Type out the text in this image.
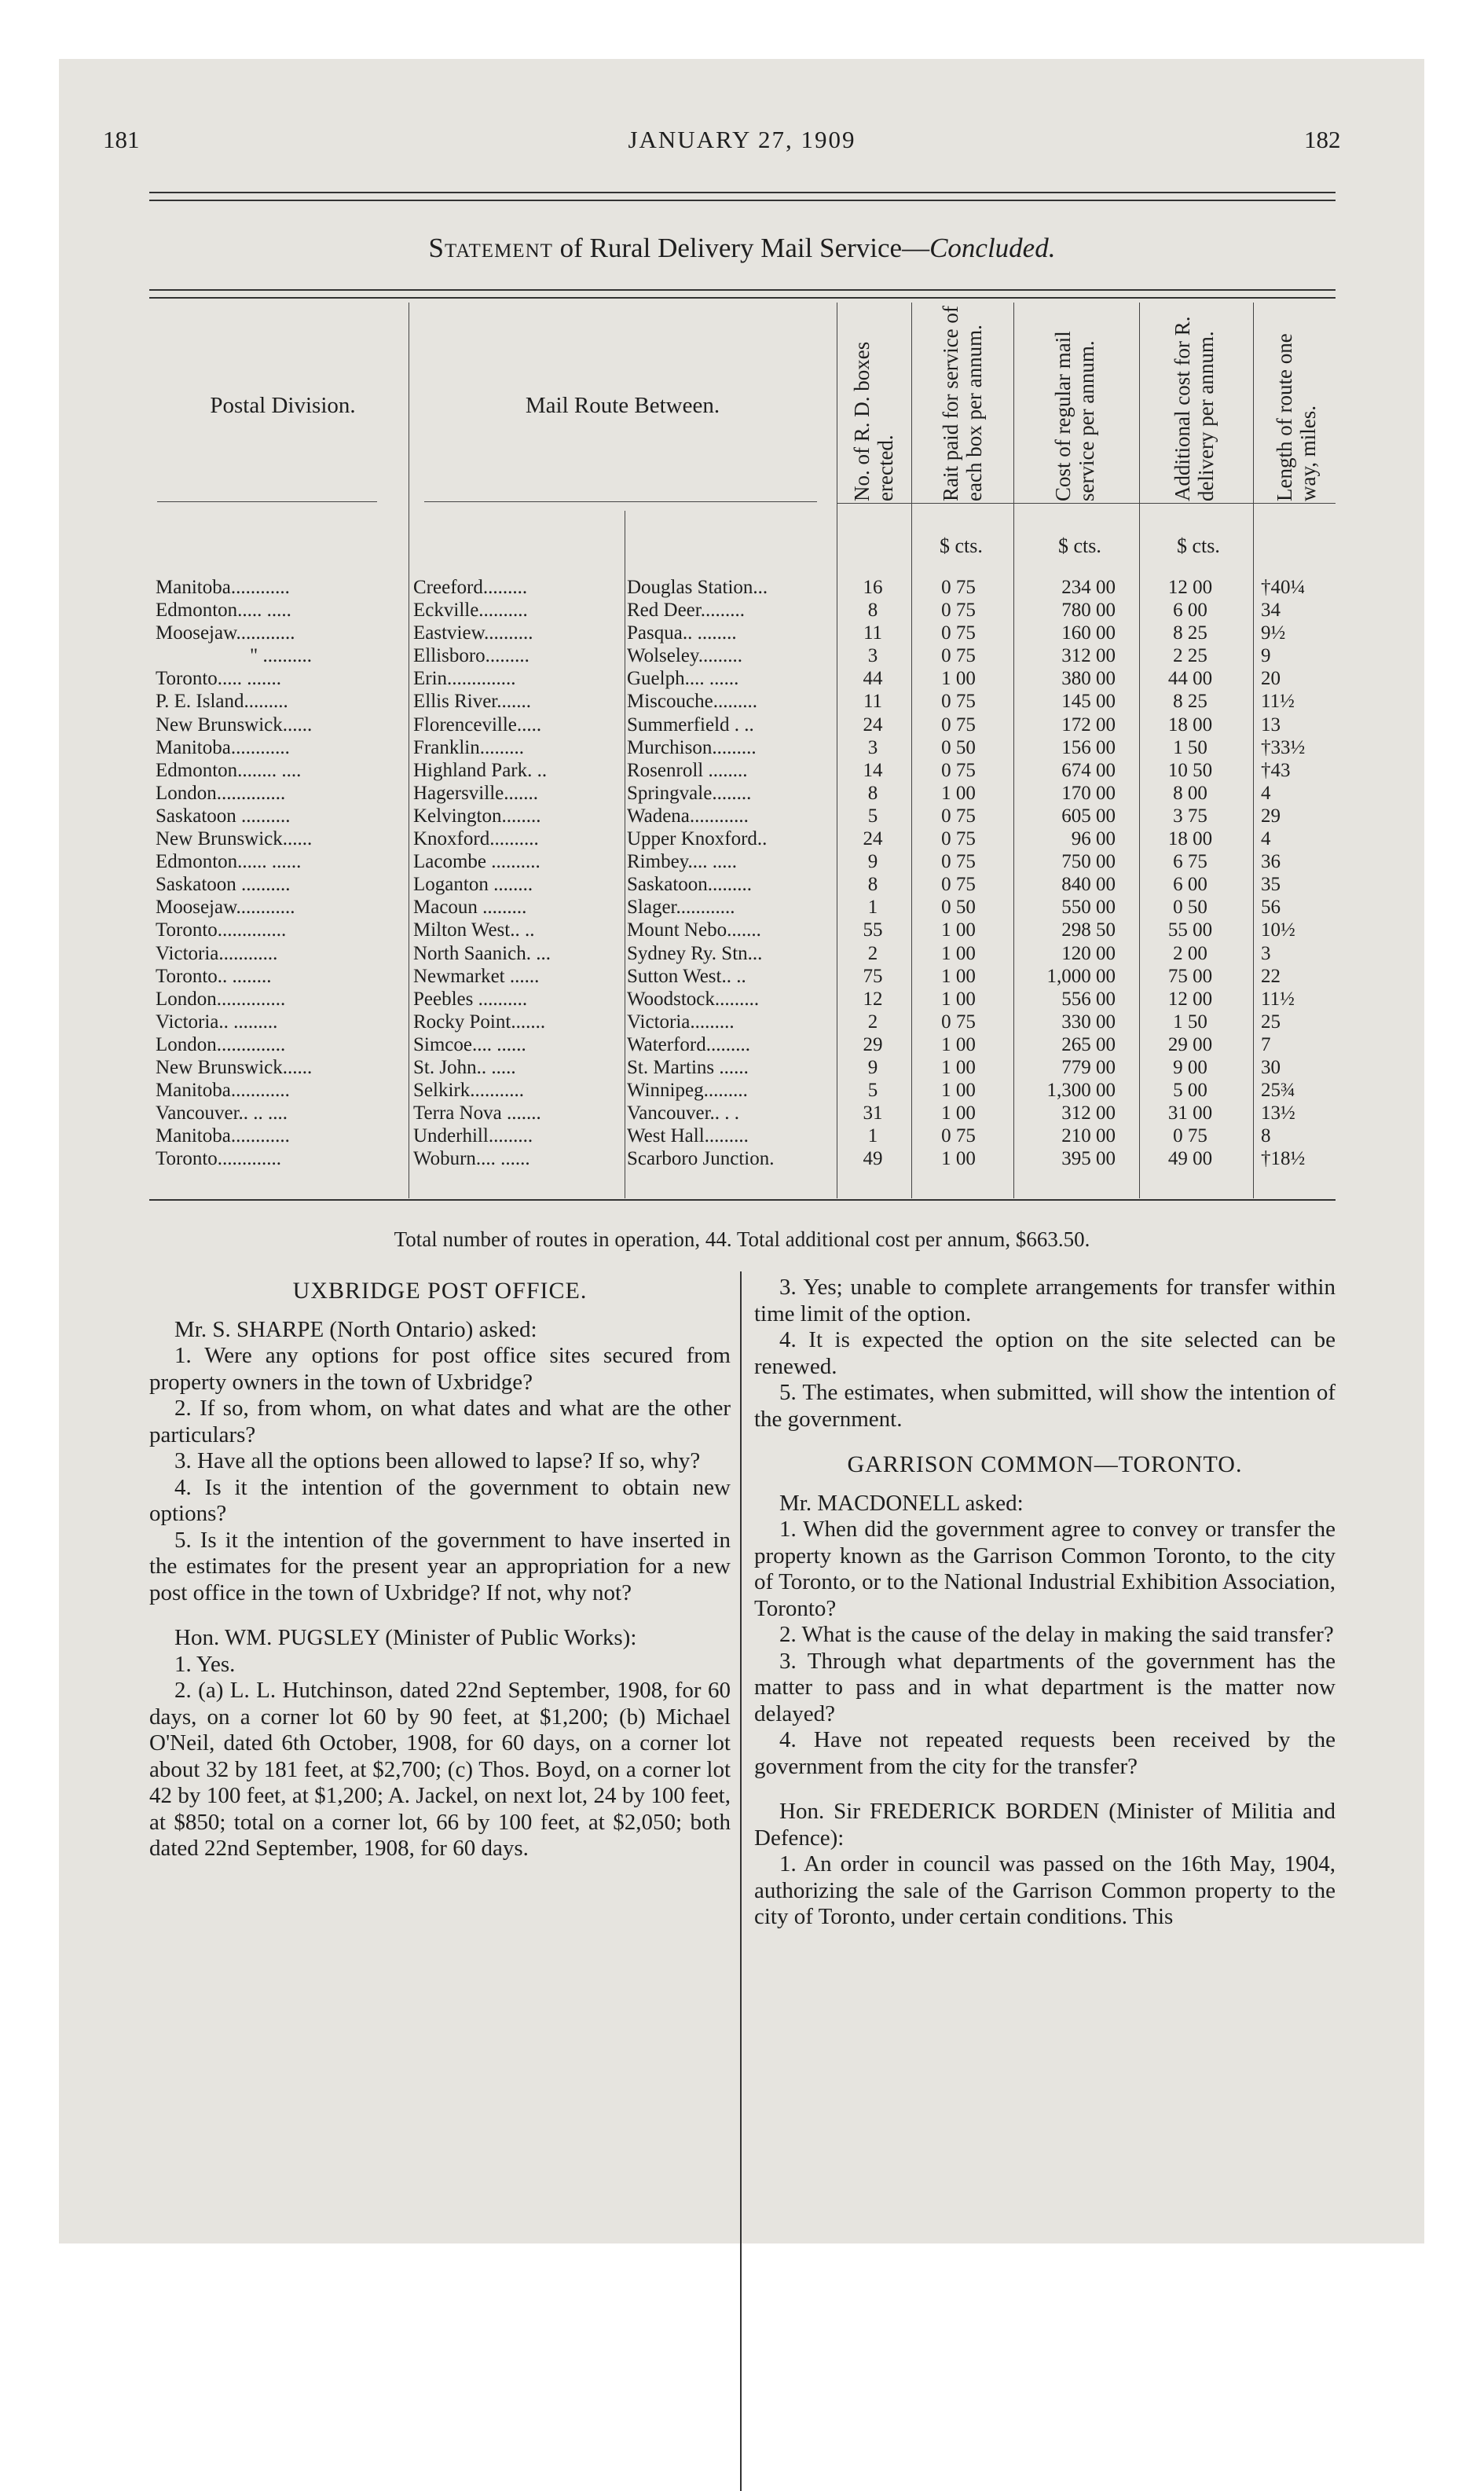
181	JANUARY 27, 1909	182
Statement of Rural Delivery Mail Service—Concluded.
Postal Division.	Mail Route Between.	No. of R. D. boxes erected. Rait paid for service of each box per annum.	Cost of regular mail service per annum.	Additional cost for R. delivery per annum.	Length of route one way, miles.
$ cts.	$ cts.	$ cts.
Manitoba............	Creeford.........	Douglas Station...	16	0 75	234 00	12 00	†40¼
Edmonton..... .....	Eckville..........	Red Deer.........	8	0 75	780 00	6 00	34
Moosejaw............	Eastview..........	Pasqua.. ........	11	0 75	160 00	8 25	9½
" ..........	Ellisboro.........	Wolseley.........	3	0 75	312 00	2 25	9
Toronto..... .......	Erin..............	Guelph.... ......	44	1 00	380 00	44 00	20
P. E. Island.........	Ellis River.......	Miscouche.........	11	0 75	145 00	8 25	11½
New Brunswick......	Florenceville.....	Summerfield . ..	24	0 75	172 00	18 00	13
Manitoba............	Franklin.........	Murchison.........	3	0 50	156 00	1 50	†33½
Edmonton........ ....	Highland Park. ..	Rosenroll ........	14	0 75	674 00	10 50	†43
London..............	Hagersville.......	Springvale........	8	1 00	170 00	8 00	4
Saskatoon ..........	Kelvington........	Wadena............	5	0 75	605 00	3 75	29
New Brunswick......	Knoxford..........	Upper Knoxford..	24	0 75	96 00	18 00	4
Edmonton...... ......	Lacombe ..........	Rimbey.... .....	9	0 75	750 00	6 75	36
Saskatoon ..........	Loganton ........	Saskatoon.........	8	0 75	840 00	6 00	35
Moosejaw............	Macoun .........	Slager............	1	0 50	550 00	0 50	56
Toronto..............	Milton West.. ..	Mount Nebo.......	55	1 00	298 50	55 00	10½
Victoria............	North Saanich. ...	Sydney Ry. Stn...	2	1 00	120 00	2 00	3
Toronto.. ........	Newmarket ......	Sutton West.. ..	75	1 00	1,000 00	75 00	22
London..............	Peebles ..........	Woodstock.........	12	1 00	556 00	12 00	11½
Victoria.. .........	Rocky Point.......	Victoria.........	2	0 75	330 00	1 50	25
London..............	Simcoe.... ......	Waterford.........	29	1 00	265 00	29 00	7
New Brunswick......	St. John.. .....	St. Martins ......	9	1 00	779 00	9 00	30
Manitoba............	Selkirk...........	Winnipeg.........	5	1 00	1,300 00	5 00	25¾
Vancouver.. .. ....	Terra Nova .......	Vancouver.. . .	31	1 00	312 00	31 00	13½
Manitoba............	Underhill.........	West Hall.........	1	0 75	210 00	0 75	8
Toronto.............	Woburn.... ......	Scarboro Junction.	49	1 00	395 00	49 00	†18½
Total number of routes in operation, 44. Total additional cost per annum, $663.50.

UXBRIDGE POST OFFICE.

Mr. S. SHARPE (North Ontario) asked:

1. Were any options for post office sites secured from property owners in the town of Uxbridge?

2. If so, from whom, on what dates and what are the other particulars?

3. Have all the options been allowed to lapse? If so, why?

4. Is it the intention of the government to obtain new options?

5. Is it the intention of the government to have inserted in the estimates for the present year an appropriation for a new post office in the town of Uxbridge? If not, why not?

Hon. WM. PUGSLEY (Minister of Public Works):

1. Yes.

2. (a) L. L. Hutchinson, dated 22nd September, 1908, for 60 days, on a corner lot 60 by 90 feet, at $1,200; (b) Michael O'Neil, dated 6th October, 1908, for 60 days, on a corner lot about 32 by 181 feet, at $2,700; (c) Thos. Boyd, on a corner lot 42 by 100 feet, at $1,200; A. Jackel, on next lot, 24 by 100 feet, at $850; total on a corner lot, 66 by 100 feet, at $2,050; both dated 22nd September, 1908, for 60 days.

3. Yes; unable to complete arrangements for transfer within time limit of the option.

4. It is expected the option on the site selected can be renewed.

5. The estimates, when submitted, will show the intention of the government.

GARRISON COMMON—TORONTO.

Mr. MACDONELL asked:

1. When did the government agree to convey or transfer the property known as the Garrison Common Toronto, to the city of Toronto, or to the National Industrial Exhibition Association, Toronto?

2. What is the cause of the delay in making the said transfer?

3. Through what departments of the government has the matter to pass and in what department is the matter now delayed?

4. Have not repeated requests been received by the government from the city for the transfer?

Hon. Sir FREDERICK BORDEN (Minister of Militia and Defence):

1. An order in council was passed on the 16th May, 1904, authorizing the sale of the Garrison Common property to the city of Toronto, under certain conditions. This
